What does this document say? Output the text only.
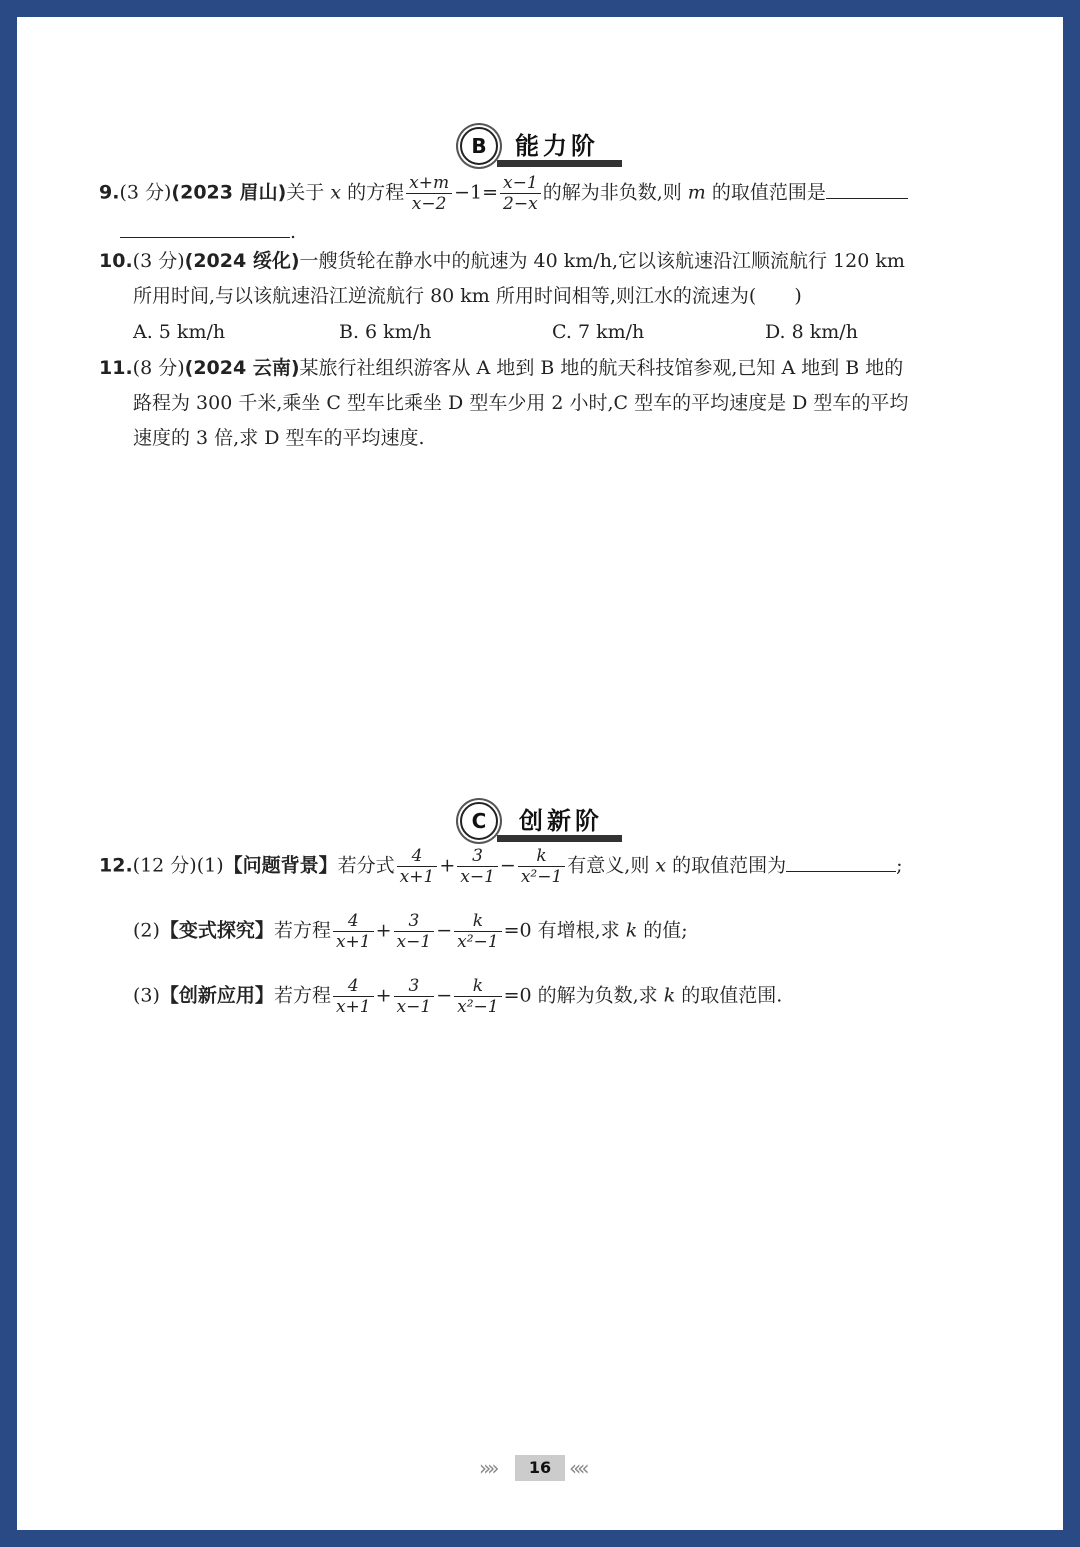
B	能力阶
9.(3 分)(2023 眉山)关于 x 的方程 $\frac{x+m}{x-2} -1= \frac{x-1}{2-x}$ 的解为非负数,则 m 的取值范围是
.
10.(3 分)(2024 绥化)一艘货轮在静水中的航速为 40 km/h,它以该航速沿江顺流航行 120 km
所用时间,与以该航速沿江逆流航行 80 km 所用时间相等,则江水的流速为(　　)
A. 5 km/h	B. 6 km/h	C. 7 km/h	D. 8 km/h
11.(8 分)(2024 云南)某旅行社组织游客从 A 地到 B 地的航天科技馆参观,已知 A 地到 B 地的
路程为 300 千米,乘坐 C 型车比乘坐 D 型车少用 2 小时,C 型车的平均速度是 D 型车的平均
速度的 3 倍,求 D 型车的平均速度.
C	创新阶
12.(12 分)(1)【问题背景】若分式 $\frac{4}{x+1} + \frac{3}{x-1} - \frac{k}{\text{x²−1}}$ 有意义,则 x 的取值范围为	;
(2)【变式探究】若方程 $\frac{4}{x+1} + \frac{3}{x-1} - \frac{k}{\text{x²−1}} =0$ 有增根,求 k 的值;
(3)【创新应用】若方程 $\frac{4}{x+1} + \frac{3}{x-1} - \frac{k}{\text{x²−1}} =0$ 的解为负数,求 k 的取值范围.
»»	16 ««
